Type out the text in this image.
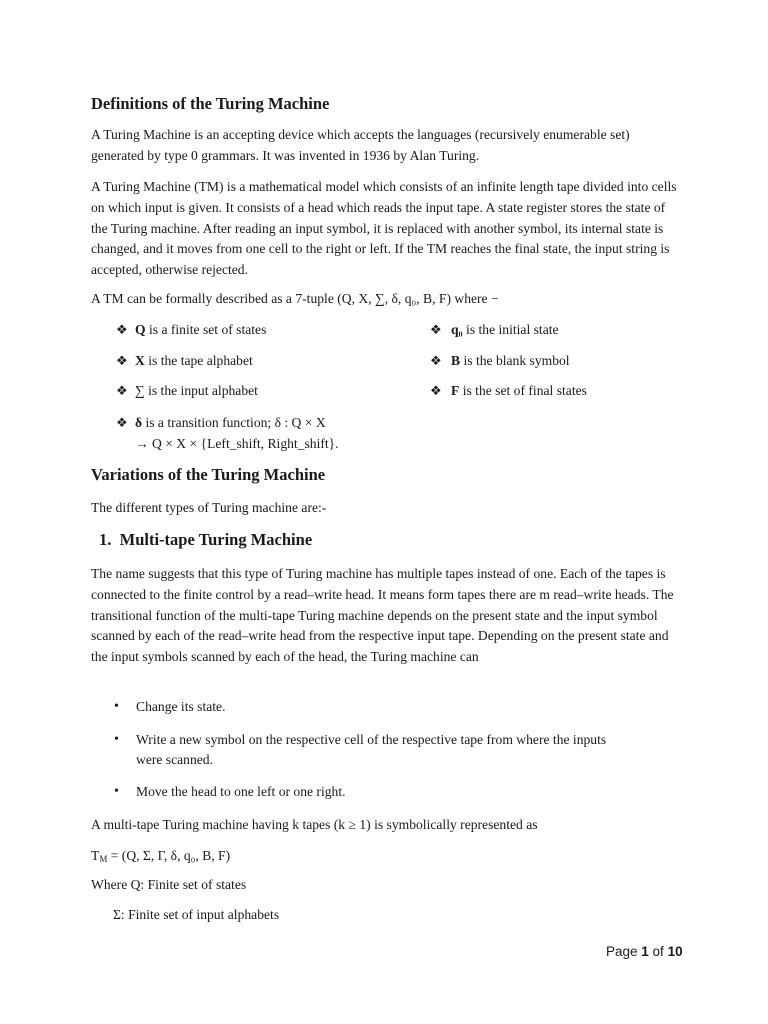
Definitions of the Turing Machine

A Turing Machine is an accepting device which accepts the languages (recursively enumerable set) generated by type 0 grammars. It was invented in 1936 by Alan Turing.

A Turing Machine (TM) is a mathematical model which consists of an infinite length tape divided into cells on which input is given. It consists of a head which reads the input tape. A state register stores the state of the Turing machine. After reading an input symbol, it is replaced with another symbol, its internal state is changed, and it moves from one cell to the right or left. If the TM reaches the final state, the input string is accepted, otherwise rejected.

A TM can be formally described as a 7-tuple (Q, X, ∑, δ, q₀, B, F) where −
❖ Q is a finite set of states
❖ X is the tape alphabet
❖ ∑ is the input alphabet
❖ δ is a transition function; δ : Q × X
→ Q × X × {Left_shift, Right_shift}.
❖ q₀ is the initial state
❖ B is the blank symbol
❖ F is the set of final states
Variations of the Turing Machine
The different types of Turing machine are:-
1.  Multi-tape Turing Machine

The name suggests that this type of Turing machine has multiple tapes instead of one. Each of the tapes is connected to the finite control by a read–write head. It means form tapes there are m read–write heads. The transitional function of the multi-tape Turing machine depends on the present state and the input symbol scanned by each of the read–write head from the respective input tape. Depending on the present state and the input symbols scanned by each of the head, the Turing machine can

• Change its state.
• Write a new symbol on the respective cell of the respective tape from where the inputs
were scanned.
• Move the head to one left or one right.
A multi-tape Turing machine having k tapes (k ≥ 1) is symbolically represented as
$T_M = (Q$, Σ, Γ, δ, q₀, B, F)
Where Q: Finite set of states
Σ: Finite set of input alphabets
Page 1 of 10
